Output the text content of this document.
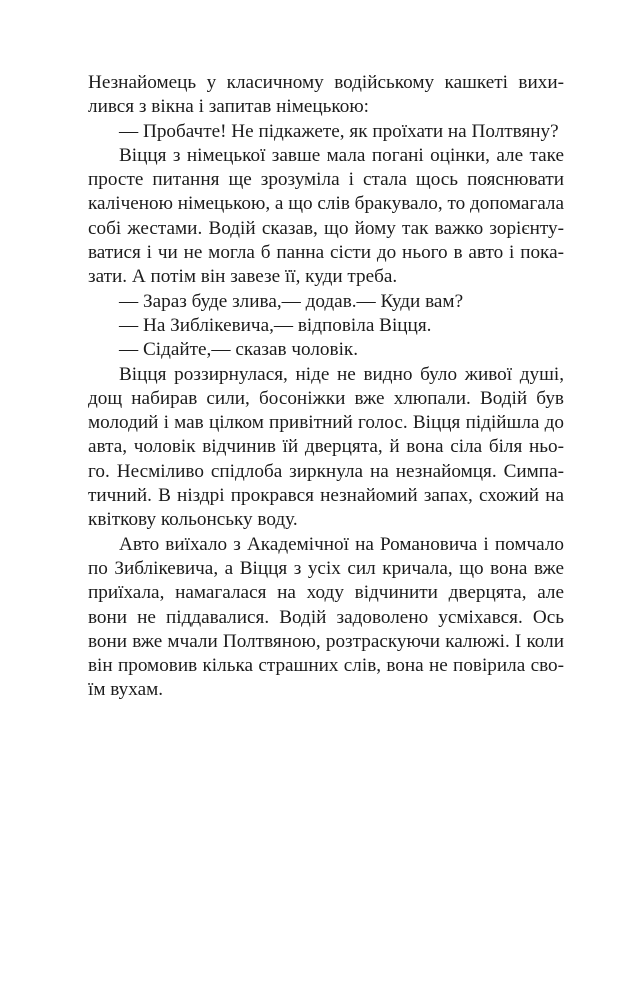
Незнайомець у класичному водійському кашкеті вихи-
лився з вікна і запитав німецькою:
— Пробачте! Не підкажете, як проїхати на Полтвяну?
Віцця з німецької завше мала погані оцінки, але таке
просте питання ще зрозуміла і стала щось пояснювати
каліченою німецькою, а що слів бракувало, то допомагала
собі жестами. Водій сказав, що йому так важко зорієнту-
ватися і чи не могла б панна сісти до нього в авто і пока-
зати. А потім він завезе її, куди треба.
— Зараз буде злива,— додав.— Куди вам?
— На Зиблікевича,— відповіла Віцця.
— Сідайте,— сказав чоловік.
Віцця роззирнулася, ніде не видно було живої душі,
дощ набирав сили, босоніжки вже хлюпали. Водій був
молодий і мав цілком привітний голос. Віцця підійшла до
авта, чоловік відчинив їй дверцята, й вона сіла біля ньо-
го. Несміливо спідлоба зиркнула на незнайомця. Симпа-
тичний. В ніздрі прокрався незнайомий запах, схожий на
квіткову кольонську воду.
Авто виїхало з Академічної на Романовича і помчало
по Зиблікевича, а Віцця з усіх сил кричала, що вона вже
приїхала, намагалася на ходу відчинити дверцята, але
вони не піддавалися. Водій задоволено усміхався. Ось
вони вже мчали Полтвяною, розтраскуючи калюжі. І коли
він промовив кілька страшних слів, вона не повірила сво-
їм вухам.
